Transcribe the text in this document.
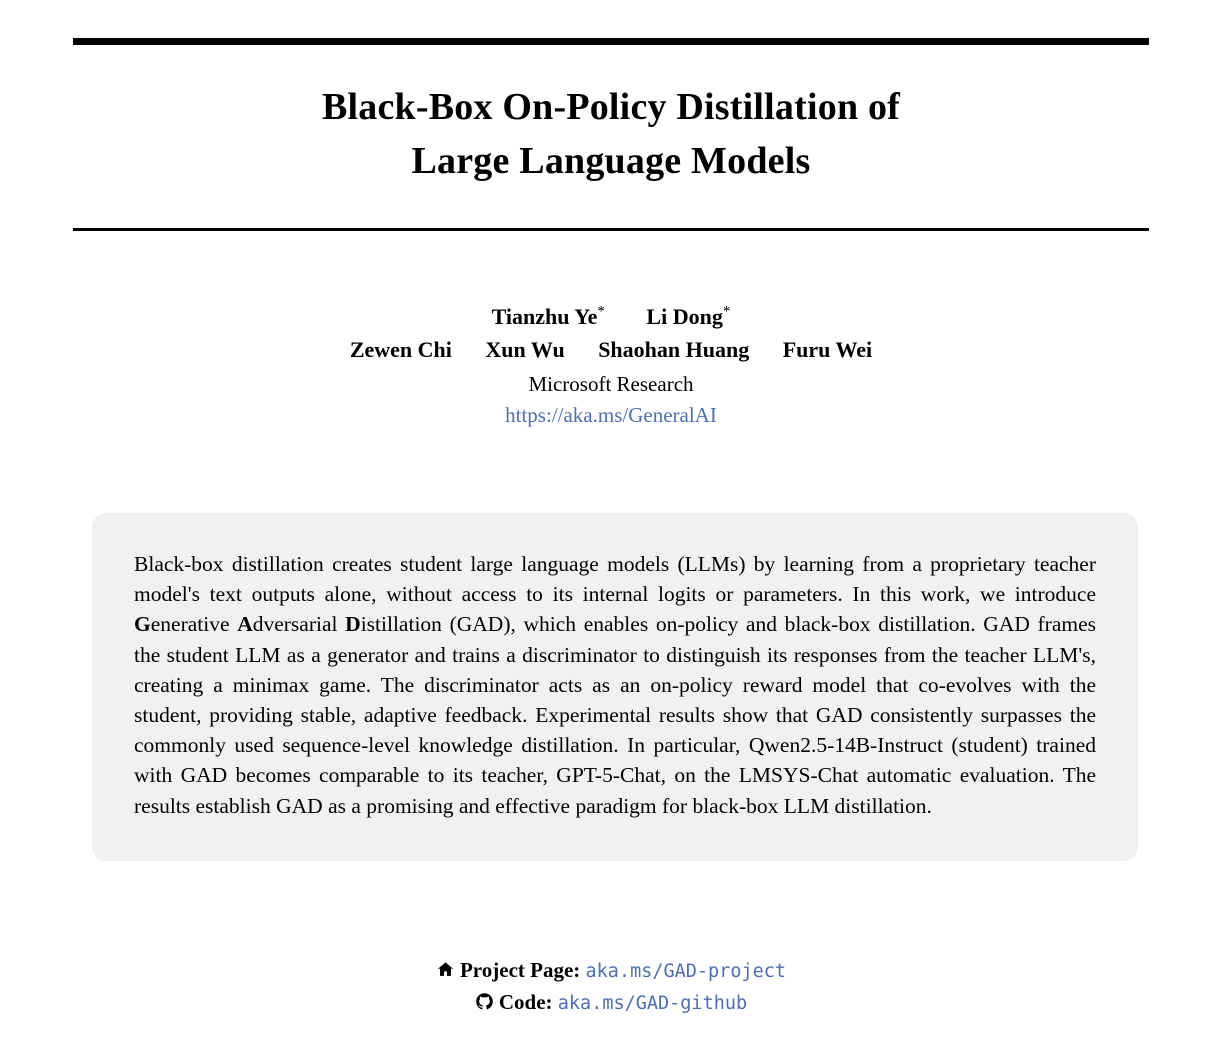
Black-Box On-Policy Distillation of
Large Language Models
Tianzhu Ye* Li Dong*
Zewen Chi Xun Wu Shaohan Huang Furu Wei
Microsoft Research
https://aka.ms/GeneralAI
Black-box distillation creates student large language models (LLMs) by learning from a proprietary teacher model's text outputs alone, without access to its internal logits or parameters. In this work, we introduce Generative Adversarial Distillation (GAD), which enables on-policy and black-box distillation. GAD frames the student LLM as a generator and trains a discriminator to distinguish its responses from the teacher LLM's, creating a minimax game. The discriminator acts as an on-policy reward model that co-evolves with the student, providing stable, adaptive feedback. Experimental results show that GAD consistently surpasses the commonly used sequence-level knowledge distillation. In particular, Qwen2.5-14B-Instruct (student) trained with GAD becomes comparable to its teacher, GPT-5-Chat, on the LMSYS-Chat automatic evaluation. The results establish GAD as a promising and effective paradigm for black-box LLM distillation.
Project Page: aka.ms/GAD-project
Code: aka.ms/GAD-github
